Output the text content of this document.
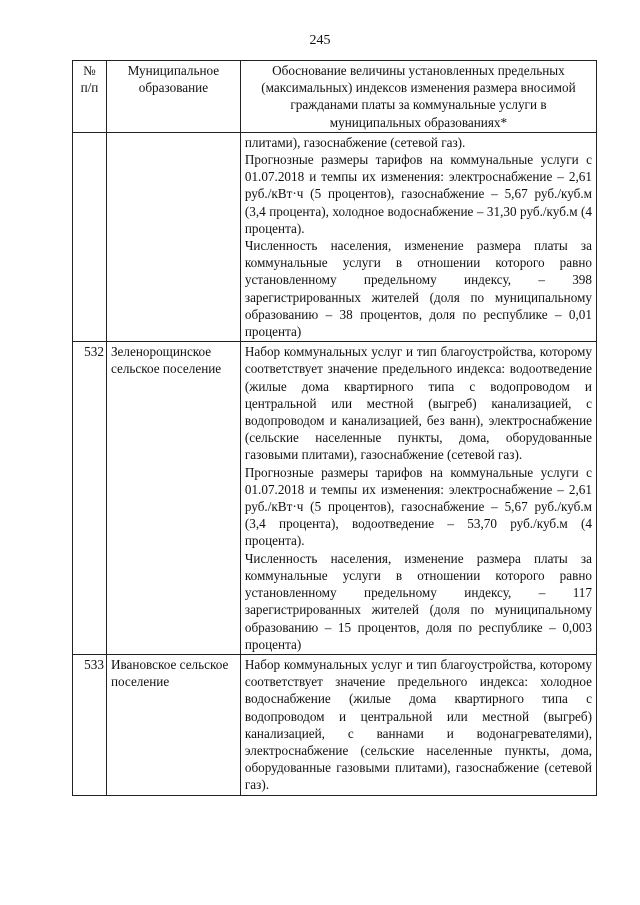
245
№ п/п	Муниципальное образование	Обоснование величины установленных предельных (максимальных) индексов изменения размера вносимой гражданами платы за коммунальные услуги в муниципальных образованиях*

		плитами), газоснабжение (сетевой газ).

Прогнозные размеры тарифов на коммунальные услуги с 01.07.2018 и темпы их изменения: электроснабжение – 2,61 руб./кВт·ч (5 процентов), газоснабжение – 5,67 руб./куб.м (3,4 процента), холодное водоснабжение – 31,30 руб./куб.м (4 процента).

Численность населения, изменение размера платы за коммунальные услуги в отношении которого равно установленному предельному индексу, – 398 зарегистрированных жителей (доля по муниципальному образованию – 38 процентов, доля по республике – 0,01 процента)

532	Зеленорощинское сельское поселение	Набор коммунальных услуг и тип благоустройства, которому соответствует значение предельного индекса: водоотведение (жилые дома квартирного типа с водопроводом и центральной или местной (выгреб) канализацией, с водопроводом и канализацией, без ванн), электроснабжение (сельские населенные пункты, дома, оборудованные газовыми плитами), газоснабжение (сетевой газ).

Прогнозные размеры тарифов на коммунальные услуги с 01.07.2018 и темпы их изменения: электроснабжение – 2,61 руб./кВт·ч (5 процентов), газоснабжение – 5,67 руб./куб.м (3,4 процента), водоотведение – 53,70 руб./куб.м (4 процента).

Численность населения, изменение размера платы за коммунальные услуги в отношении которого равно установленному предельному индексу, – 117 зарегистрированных жителей (доля по муниципальному образованию – 15 процентов, доля по республике – 0,003 процента)

533	Ивановское сельское поселение	Набор коммунальных услуг и тип благоустройства, которому соответствует значение предельного индекса: холодное водоснабжение (жилые дома квартирного типа с водопроводом и центральной или местной (выгреб) канализацией, с ваннами и водонагревателями), электроснабжение (сельские населенные пункты, дома, оборудованные газовыми плитами), газоснабжение (сетевой газ).
